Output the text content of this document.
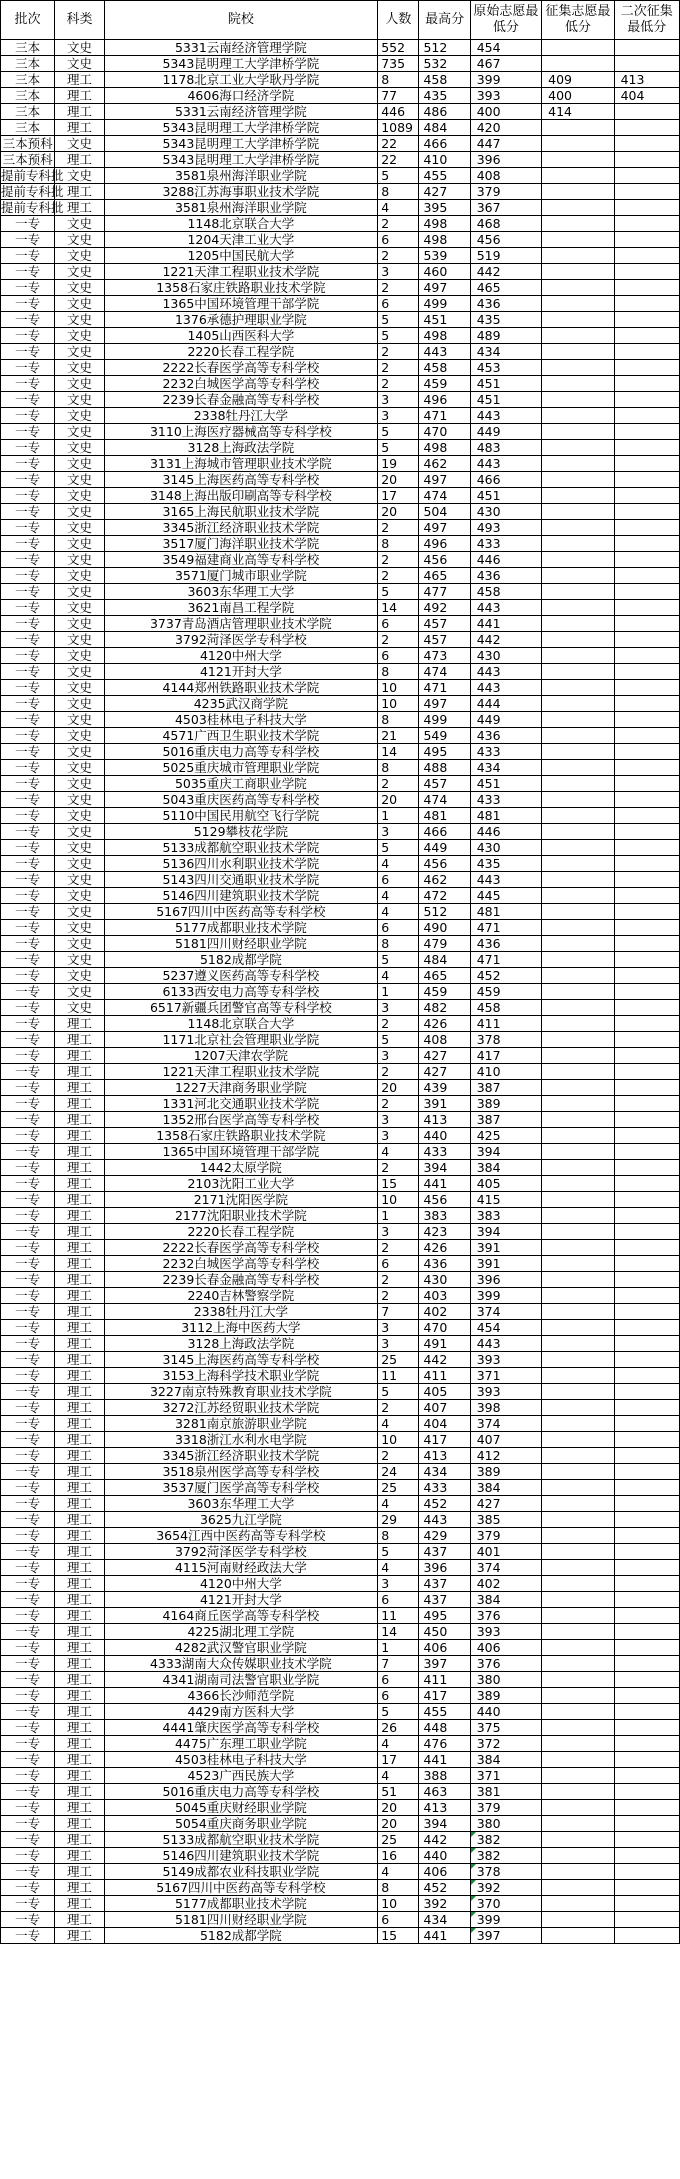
批次	科类	院校	人数	最高分	原始志愿最低分	征集志愿最低分	二次征集最低分
三本	文史	5331云南经济管理学院	552	512	454		
三本	文史	5343昆明理工大学津桥学院	735	532	467		
三本	理工	1178北京工业大学耿丹学院	8	458	399	409	413
三本	理工	4606海口经济学院	77	435	393	400	404
三本	理工	5331云南经济管理学院	446	486	400	414	
三本	理工	5343昆明理工大学津桥学院	1089	484	420		
三本预科	文史	5343昆明理工大学津桥学院	22	466	447		
三本预科	理工	5343昆明理工大学津桥学院	22	410	396		
提前专科批	文史	3581泉州海洋职业学院	5	455	408		
提前专科批	理工	3288江苏海事职业技术学院	8	427	379		
提前专科批	理工	3581泉州海洋职业学院	4	395	367		
一专	文史	1148北京联合大学	2	498	468		
一专	文史	1204天津工业大学	6	498	456		
一专	文史	1205中国民航大学	2	539	519		
一专	文史	1221天津工程职业技术学院	3	460	442		
一专	文史	1358石家庄铁路职业技术学院	2	497	465		
一专	文史	1365中国环境管理干部学院	6	499	436		
一专	文史	1376承德护理职业学院	5	451	435		
一专	文史	1405山西医科大学	5	498	489		
一专	文史	2220长春工程学院	2	443	434		
一专	文史	2222长春医学高等专科学校	2	458	453		
一专	文史	2232白城医学高等专科学校	2	459	451		
一专	文史	2239长春金融高等专科学校	3	496	451		
一专	文史	2338牡丹江大学	3	471	443		
一专	文史	3110上海医疗器械高等专科学校	5	470	449		
一专	文史	3128上海政法学院	5	498	483		
一专	文史	3131上海城市管理职业技术学院	19	462	443		
一专	文史	3145上海医药高等专科学校	20	497	466		
一专	文史	3148上海出版印刷高等专科学校	17	474	451		
一专	文史	3165上海民航职业技术学院	20	504	430		
一专	文史	3345浙江经济职业技术学院	2	497	493		
一专	文史	3517厦门海洋职业技术学院	8	496	433		
一专	文史	3549福建商业高等专科学校	2	456	446		
一专	文史	3571厦门城市职业学院	2	465	436		
一专	文史	3603东华理工大学	5	477	458		
一专	文史	3621南昌工程学院	14	492	443		
一专	文史	3737青岛酒店管理职业技术学院	6	457	441		
一专	文史	3792菏泽医学专科学校	2	457	442		
一专	文史	4120中州大学	6	473	430		
一专	文史	4121开封大学	8	474	443		
一专	文史	4144郑州铁路职业技术学院	10	471	443		
一专	文史	4235武汉商学院	10	497	444		
一专	文史	4503桂林电子科技大学	8	499	449		
一专	文史	4571广西卫生职业技术学院	21	549	436		
一专	文史	5016重庆电力高等专科学校	14	495	433		
一专	文史	5025重庆城市管理职业学院	8	488	434		
一专	文史	5035重庆工商职业学院	2	457	451		
一专	文史	5043重庆医药高等专科学校	20	474	433		
一专	文史	5110中国民用航空飞行学院	1	481	481		
一专	文史	5129攀枝花学院	3	466	446		
一专	文史	5133成都航空职业技术学院	5	449	430		
一专	文史	5136四川水利职业技术学院	4	456	435		
一专	文史	5143四川交通职业技术学院	6	462	443		
一专	文史	5146四川建筑职业技术学院	4	472	445		
一专	文史	5167四川中医药高等专科学校	4	512	481		
一专	文史	5177成都职业技术学院	6	490	471		
一专	文史	5181四川财经职业学院	8	479	436		
一专	文史	5182成都学院	5	484	471		
一专	文史	5237遵义医药高等专科学校	4	465	452		
一专	文史	6133西安电力高等专科学校	1	459	459		
一专	文史	6517新疆兵团警官高等专科学校	3	482	458		
一专	理工	1148北京联合大学	2	426	411		
一专	理工	1171北京社会管理职业学院	5	408	378		
一专	理工	1207天津农学院	3	427	417		
一专	理工	1221天津工程职业技术学院	2	427	410		
一专	理工	1227天津商务职业学院	20	439	387		
一专	理工	1331河北交通职业技术学院	2	391	389		
一专	理工	1352邢台医学高等专科学校	3	413	387		
一专	理工	1358石家庄铁路职业技术学院	3	440	425		
一专	理工	1365中国环境管理干部学院	4	433	394		
一专	理工	1442太原学院	2	394	384		
一专	理工	2103沈阳工业大学	15	441	405		
一专	理工	2171沈阳医学院	10	456	415		
一专	理工	2177沈阳职业技术学院	1	383	383		
一专	理工	2220长春工程学院	3	423	394		
一专	理工	2222长春医学高等专科学校	2	426	391		
一专	理工	2232白城医学高等专科学校	6	436	391		
一专	理工	2239长春金融高等专科学校	2	430	396		
一专	理工	2240吉林警察学院	2	403	399		
一专	理工	2338牡丹江大学	7	402	374		
一专	理工	3112上海中医药大学	3	470	454		
一专	理工	3128上海政法学院	3	491	443		
一专	理工	3145上海医药高等专科学校	25	442	393		
一专	理工	3153上海科学技术职业学院	11	411	371		
一专	理工	3227南京特殊教育职业技术学院	5	405	393		
一专	理工	3272江苏经贸职业技术学院	2	407	398		
一专	理工	3281南京旅游职业学院	4	404	374		
一专	理工	3318浙江水利水电学院	10	417	407		
一专	理工	3345浙江经济职业技术学院	2	413	412		
一专	理工	3518泉州医学高等专科学校	24	434	389		
一专	理工	3537厦门医学高等专科学校	25	433	384		
一专	理工	3603东华理工大学	4	452	427		
一专	理工	3625九江学院	29	443	385		
一专	理工	3654江西中医药高等专科学校	8	429	379		
一专	理工	3792菏泽医学专科学校	5	437	401		
一专	理工	4115河南财经政法大学	4	396	374		
一专	理工	4120中州大学	3	437	402		
一专	理工	4121开封大学	6	437	384		
一专	理工	4164商丘医学高等专科学校	11	495	376		
一专	理工	4225湖北理工学院	14	450	393		
一专	理工	4282武汉警官职业学院	1	406	406		
一专	理工	4333湖南大众传媒职业技术学院	7	397	376		
一专	理工	4341湖南司法警官职业学院	6	411	380		
一专	理工	4366长沙师范学院	6	417	389		
一专	理工	4429南方医科大学	5	455	440		
一专	理工	4441肇庆医学高等专科学校	26	448	375		
一专	理工	4475广东理工职业学院	4	476	372		
一专	理工	4503桂林电子科技大学	17	441	384		
一专	理工	4523广西民族大学	4	388	371		
一专	理工	5016重庆电力高等专科学校	51	463	381		
一专	理工	5045重庆财经职业学院	20	413	379		
一专	理工	5054重庆商务职业学院	20	394	380		
一专	理工	5133成都航空职业技术学院	25	442	382		
一专	理工	5146四川建筑职业技术学院	16	440	382		
一专	理工	5149成都农业科技职业学院	4	406	378		
一专	理工	5167四川中医药高等专科学校	8	452	392		
一专	理工	5177成都职业技术学院	10	392	370		
一专	理工	5181四川财经职业学院	6	434	399		
一专	理工	5182成都学院	15	441	397		
